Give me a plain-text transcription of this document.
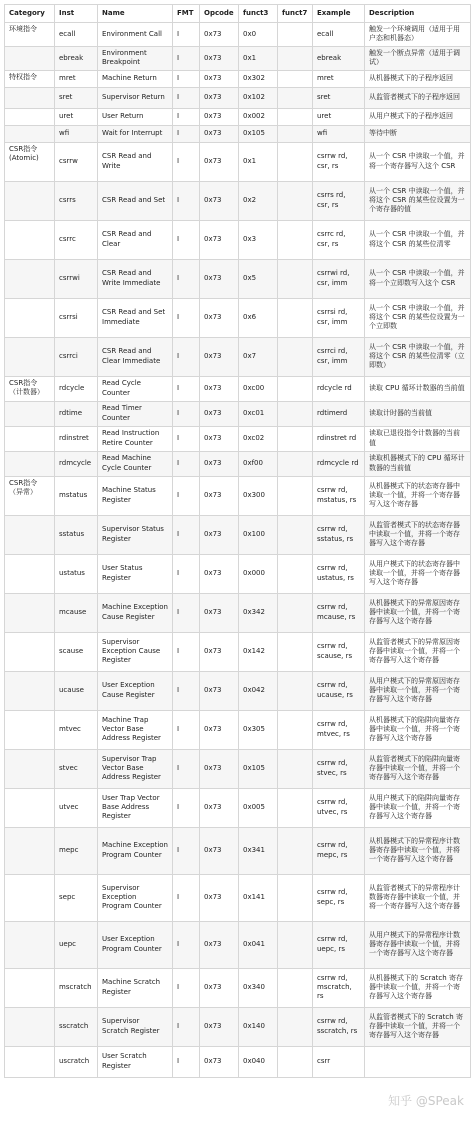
Category	Inst	Name	FMT	Opcode	funct3	funct7	Example	Description
环境指令	ecall	Environment Call	I	0x73	0x0		ecall	触发一个环境调用（适用于用户态和机器态）
	ebreak	Environment Breakpoint	I	0x73	0x1		ebreak	触发一个断点异常（适用于调试）
特权指令	mret	Machine Return	I	0x73	0x302		mret	从机器模式下的子程序返回
	sret	Supervisor Return	I	0x73	0x102		sret	从监管者模式下的子程序返回
	uret	User Return	I	0x73	0x002		uret	从用户模式下的子程序返回
	wfi	Wait for Interrupt	I	0x73	0x105		wfi	等待中断
CSR指令 (Atomic)	csrrw	CSR Read and Write	I	0x73	0x1		csrrw rd, csr, rs	从一个 CSR 中读取一个值，并将一个寄存器写入这个 CSR
	csrrs	CSR Read and Set	I	0x73	0x2		csrrs rd, csr, rs	从一个 CSR 中读取一个值，并将这个 CSR 的某些位设置为一个寄存器的值
	csrrc	CSR Read and Clear	I	0x73	0x3		csrrc rd, csr, rs	从一个 CSR 中读取一个值，并将这个 CSR 的某些位清零
	csrrwi	CSR Read and Write Immediate	I	0x73	0x5		csrrwi rd, csr, imm	从一个 CSR 中读取一个值，并将一个立即数写入这个 CSR
	csrrsi	CSR Read and Set Immediate	I	0x73	0x6		csrrsi rd, csr, imm	从一个 CSR 中读取一个值，并将这个 CSR 的某些位设置为一个立即数
	csrrci	CSR Read and Clear Immediate	I	0x73	0x7		csrrci rd, csr, imm	从一个 CSR 中读取一个值，并将这个 CSR 的某些位清零（立即数）
CSR指令（计数器）	rdcycle	Read Cycle Counter	I	0x73	0xc00		rdcycle rd	读取 CPU 循环计数器的当前值
	rdtime	Read Timer Counter	I	0x73	0xc01		rdtimerd	读取计时器的当前值
	rdinstret	Read Instruction Retire Counter	I	0x73	0xc02		rdinstret rd	读取已退役指令计数器的当前值
	rdmcycle	Read Machine Cycle Counter	I	0x73	0xf00		rdmcycle rd	读取机器模式下的 CPU 循环计数器的当前值
CSR指令（异常）	mstatus	Machine Status Register	I	0x73	0x300		csrrw rd, mstatus, rs	从机器模式下的状态寄存器中读取一个值，并将一个寄存器写入这个寄存器
	sstatus	Supervisor Status Register	I	0x73	0x100		csrrw rd, sstatus, rs	从监管者模式下的状态寄存器中读取一个值，并将一个寄存器写入这个寄存器
	ustatus	User Status Register	I	0x73	0x000		csrrw rd, ustatus, rs	从用户模式下的状态寄存器中读取一个值，并将一个寄存器写入这个寄存器
	mcause	Machine Exception Cause Register	I	0x73	0x342		csrrw rd, mcause, rs	从机器模式下的异常原因寄存器中读取一个值，并将一个寄存器写入这个寄存器
	scause	Supervisor Exception Cause Register	I	0x73	0x142		csrrw rd, scause, rs	从监管者模式下的异常原因寄存器中读取一个值，并将一个寄存器写入这个寄存器
	ucause	User Exception Cause Register	I	0x73	0x042		csrrw rd, ucause, rs	从用户模式下的异常原因寄存器中读取一个值，并将一个寄存器写入这个寄存器
	mtvec	Machine Trap Vector Base Address Register	I	0x73	0x305		csrrw rd, mtvec, rs	从机器模式下的陷阱向量寄存器中读取一个值，并将一个寄存器写入这个寄存器
	stvec	Supervisor Trap Vector Base Address Register	I	0x73	0x105		csrrw rd, stvec, rs	从监管者模式下的陷阱向量寄存器中读取一个值，并将一个寄存器写入这个寄存器
	utvec	User Trap Vector Base Address Register	I	0x73	0x005		csrrw rd, utvec, rs	从用户模式下的陷阱向量寄存器中读取一个值，并将一个寄存器写入这个寄存器
	mepc	Machine Exception Program Counter	I	0x73	0x341		csrrw rd, mepc, rs	从机器模式下的异常程序计数器寄存器中读取一个值，并将一个寄存器写入这个寄存器
	sepc	Supervisor Exception Program Counter	I	0x73	0x141		csrrw rd, sepc, rs	从监管者模式下的异常程序计数器寄存器中读取一个值，并将一个寄存器写入这个寄存器
	uepc	User Exception Program Counter	I	0x73	0x041		csrrw rd, uepc, rs	从用户模式下的异常程序计数器寄存器中读取一个值，并将一个寄存器写入这个寄存器
	mscratch	Machine Scratch Register	I	0x73	0x340		csrrw rd, mscratch, rs	从机器模式下的 Scratch 寄存器中读取一个值，并将一个寄存器写入这个寄存器
	sscratch	Supervisor Scratch Register	I	0x73	0x140		csrrw rd, sscratch, rs	从监管者模式下的 Scratch 寄存器中读取一个值，并将一个寄存器写入这个寄存器
	uscratch	User Scratch Register	I	0x73	0x040		csrr	
知乎 @SPeak
